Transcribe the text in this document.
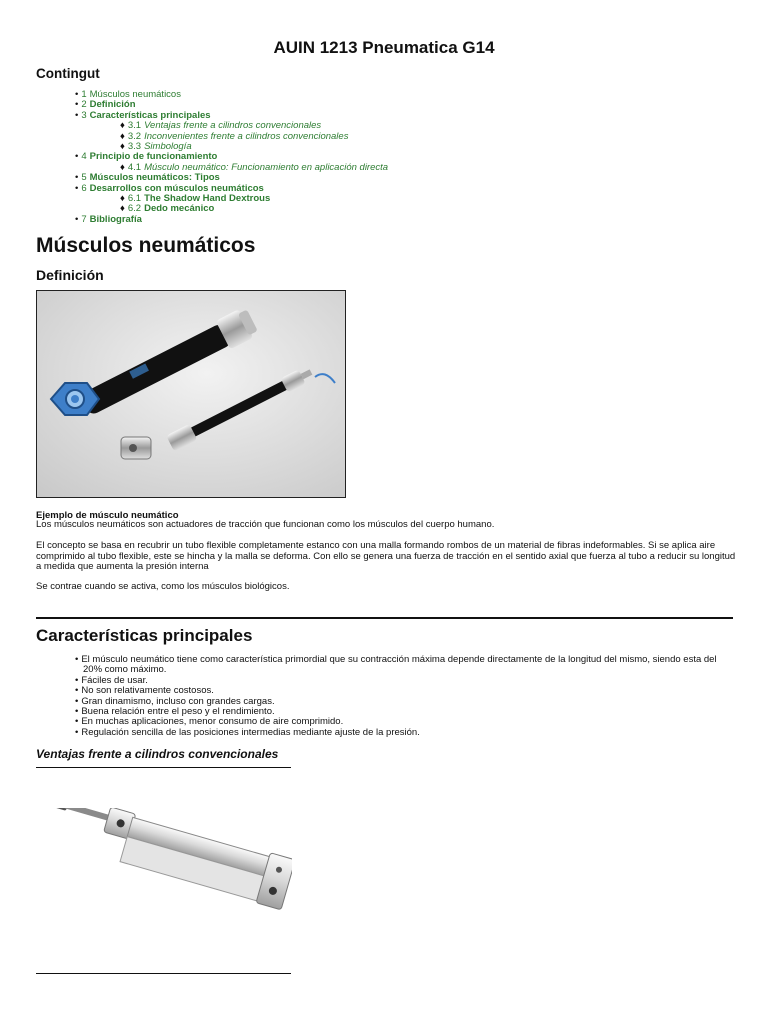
AUIN 1213 Pneumatica G14
Contingut
• 1 Músculos neumáticos
• 2 Definición
• 3 Características principales
♦ 3.1 Ventajas frente a cilindros convencionales
♦ 3.2 Inconvenientes frente a cilindros convencionales
♦ 3.3 Simbología
• 4 Principio de funcionamiento
♦ 4.1 Músculo neumático: Funcionamiento en aplicación directa
• 5 Músculos neumáticos: Tipos
• 6 Desarrollos con músculos neumáticos
♦ 6.1 The Shadow Hand Dextrous
♦ 6.2 Dedo mecánico
• 7 Bibliografía
Músculos neumáticos
Definición
Ejemplo de músculo neumático

Los músculos neumáticos son actuadores de tracción que funcionan como los músculos del cuerpo humano.

El concepto se basa en recubrir un tubo flexible completamente estanco con una malla formando rombos de un material de fibras indeformables. Si se aplica aire comprimido al tubo flexible, este se hincha y la malla se deforma. Con ello se genera una fuerza de tracción en el sentido axial que fuerza al tubo a reducir su longitud a medida que aumenta la presión interna

Se contrae cuando se activa, como los músculos biológicos.

Características principales
• El músculo neumático tiene como característica primordial que su contracción máxima depende directamente de la longitud del mismo, siendo esta del 20% como máximo.
• Fáciles de usar.
• No son relativamente costosos.
• Gran dinamismo, incluso con grandes cargas.
• Buena relación entre el peso y el rendimiento.
• En muchas aplicaciones, menor consumo de aire comprimido.
• Regulación sencilla de las posiciones intermedias mediante ajuste de la presión.
Ventajas frente a cilindros convencionales
